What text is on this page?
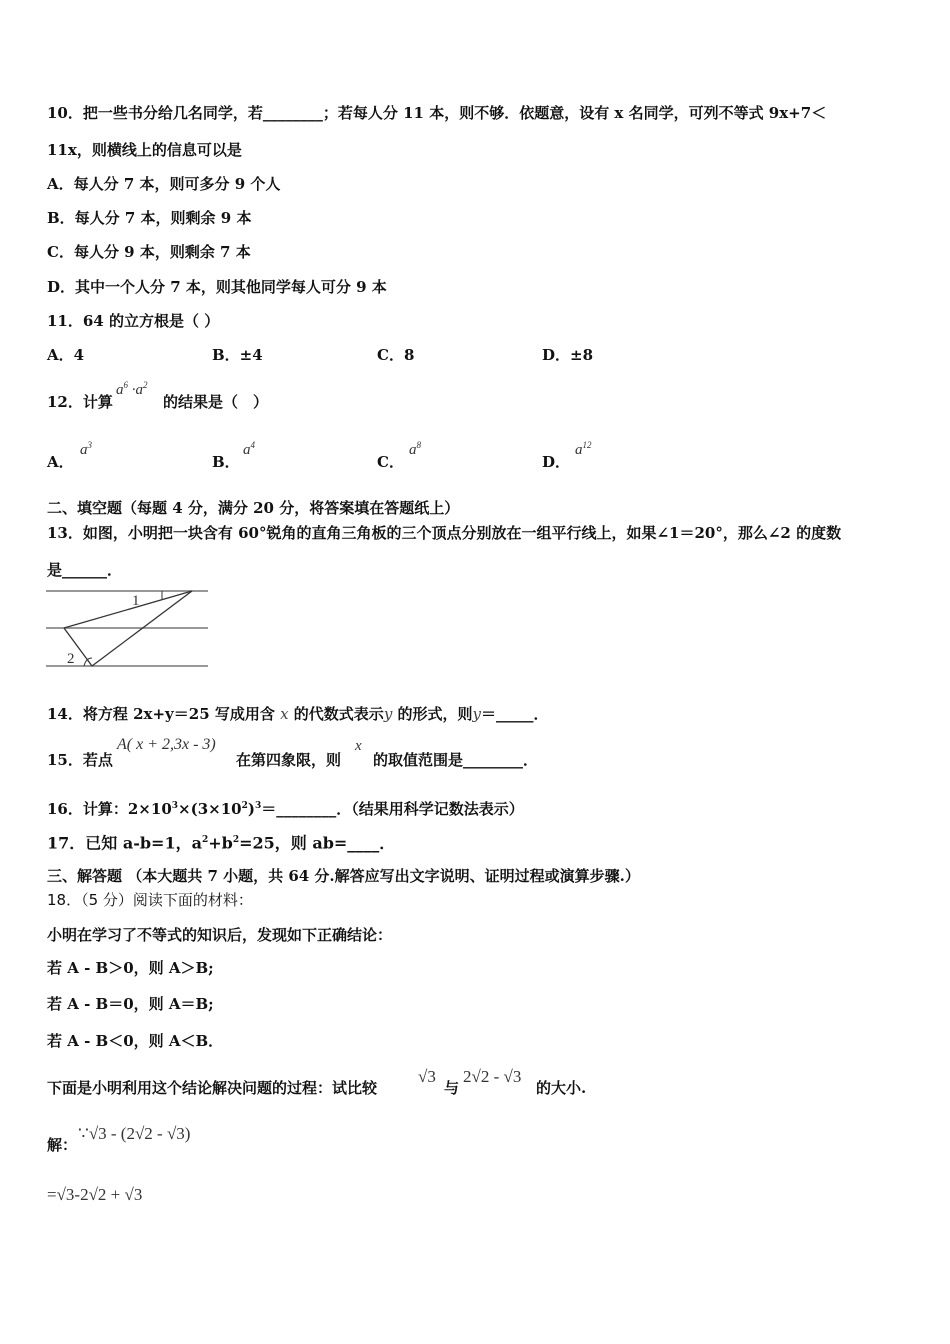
10．把一些书分给几名同学，若________；若每人分 11 本，则不够．依题意，设有 x 名同学，可列不等式 9x+7＜
11x，则横线上的信息可以是
A．每人分 7 本，则可多分 9 个人
B．每人分 7 本，则剩余 9 本
C．每人分 9 本，则剩余 7 本
D．其中一个人分 7 本，则其他同学每人可分 9 本
11．64 的立方根是（ ）
A．4	B．±4	C．8	D．±8
12．计算
$a^6 \cdot a^2$
的结果是（　）
A．
$a^3$
B．
$a^4$
C．
$a^8$
D．
$a^{12}$
二、填空题（每题 4 分，满分 20 分，将答案填在答题纸上）
13．如图，小明把一块含有 60°锐角的直角三角板的三个顶点分别放在一组平行线上，如果∠1＝20°，那么∠2 的度数
是______．
1
2
14．将方程 2x+y＝25 写成用含 x 的代数式表示y 的形式，则y＝_____．
15．若点
A( x + 2,3x - 3)
在第四象限，则
x
的取值范围是________．
16．计算：$2\times 10^3\times(3\times 10^2)^3=\_\_\_\_\_\_\_\_$．（结果用科学记数法表示）
17．已知 a-b=1，$a^2+b^2=25$，则 ab=____．
三、解答题 （本大题共 7 小题，共 64 分.解答应写出文字说明、证明过程或演算步骤.）
18．（5 分）阅读下面的材料：
小明在学习了不等式的知识后，发现如下正确结论：
若 A - B＞0，则 A＞B;
若 A - B＝0，则 A＝B;
若 A - B＜0，则 A＜B．
下面是小明利用这个结论解决问题的过程：试比较
√3
与
2√2 - √3
的大小.
解：
∵√3 - (2√2 - √3)
=√3-2√2 + √3
